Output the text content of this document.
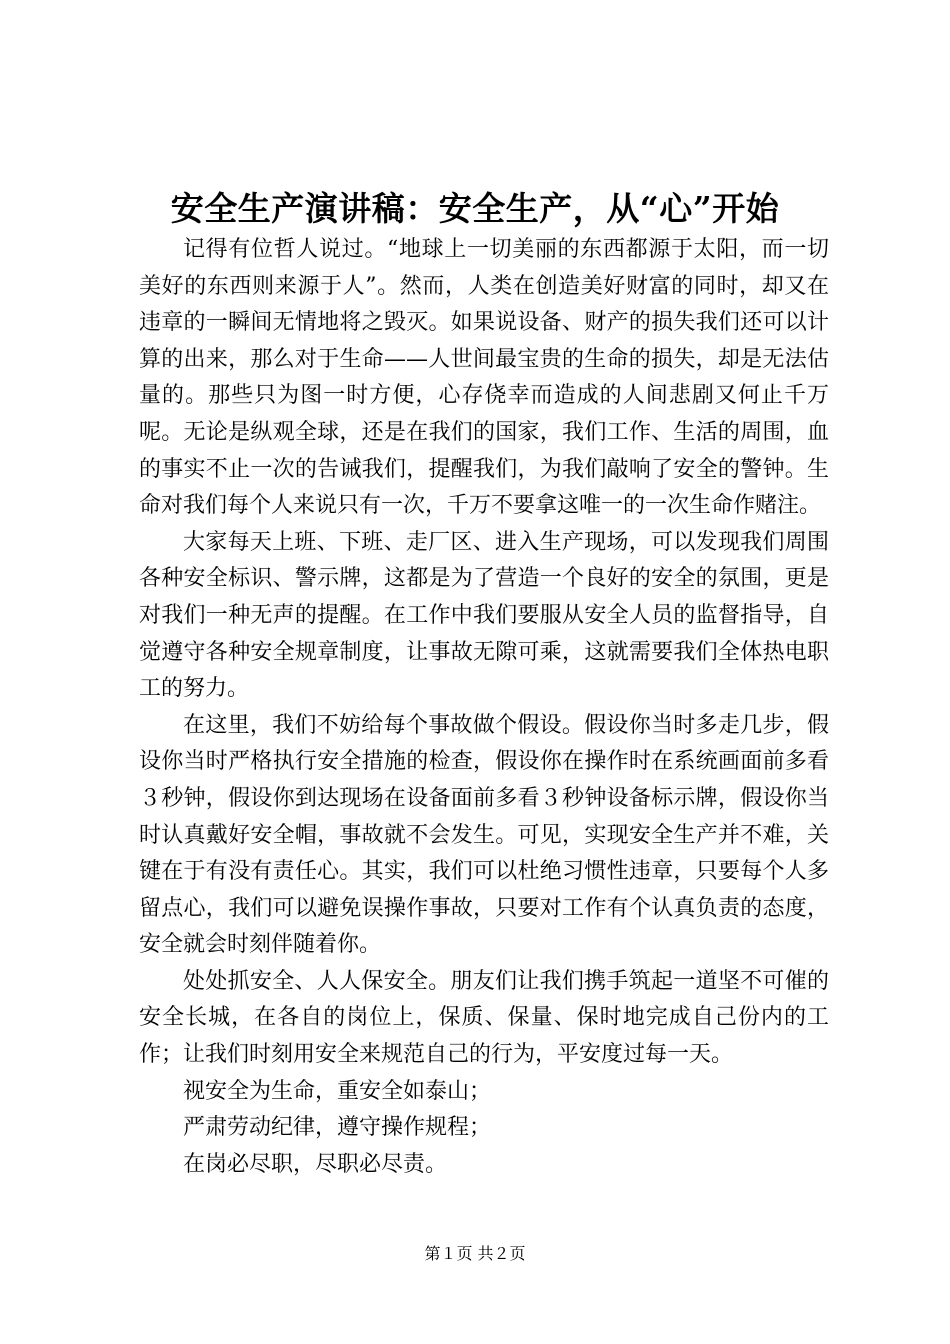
安全生产演讲稿：安全生产，从“心”开始

记得有位哲人说过。“地球上一切美丽的东西都源于太阳，而一切美好的东西则来源于人”。然而，人类在创造美好财富的同时，却又在违章的一瞬间无情地将之毁灭。如果说设备、财产的损失我们还可以计算的出来，那么对于生命——人世间最宝贵的生命的损失，却是无法估量的。那些只为图一时方便，心存侥幸而造成的人间悲剧又何止千万呢。无论是纵观全球，还是在我们的国家，我们工作、生活的周围，血的事实不止一次的告诫我们，提醒我们，为我们敲响了安全的警钟。生命对我们每个人来说只有一次，千万不要拿这唯一的一次生命作赌注。

大家每天上班、下班、走厂区、进入生产现场，可以发现我们周围各种安全标识、警示牌，这都是为了营造一个良好的安全的氛围，更是对我们一种无声的提醒。在工作中我们要服从安全人员的监督指导，自觉遵守各种安全规章制度，让事故无隙可乘，这就需要我们全体热电职工的努力。

在这里，我们不妨给每个事故做个假设。假设你当时多走几步，假设你当时严格执行安全措施的检查，假设你在操作时在系统画面前多看３秒钟，假设你到达现场在设备面前多看３秒钟设备标示牌，假设你当时认真戴好安全帽，事故就不会发生。可见，实现安全生产并不难，关键在于有没有责任心。其实，我们可以杜绝习惯性违章，只要每个人多留点心，我们可以避免误操作事故，只要对工作有个认真负责的态度，安全就会时刻伴随着你。

处处抓安全、人人保安全。朋友们让我们携手筑起一道坚不可催的安全长城，在各自的岗位上，保质、保量、保时地完成自己份内的工作；让我们时刻用安全来规范自己的行为，平安度过每一天。

视安全为生命，重安全如泰山；

严肃劳动纪律，遵守操作规程；

在岗必尽职，尽职必尽责。

第１页 共２页
